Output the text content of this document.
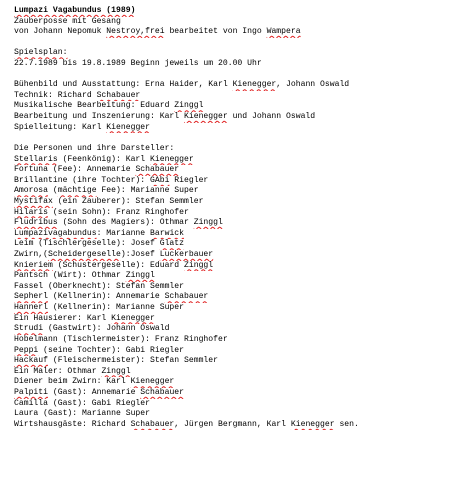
Lumpazi Vagabundus (1989)
Zauberposse mit Gesang
von Johann Nepomuk Nestroy,frei bearbeitet von Ingo Wampera
Spielsplan:
22.7.1989 bis 19.8.1989 Beginn jeweils um 20.00 Uhr
Bühenbild und Ausstattung: Erna Haider, Karl Kienegger, Johann Oswald
Technik: Richard Schabauer
Musikalische Bearbeitung: Eduard Zinggl
Bearbeitung und Inszenierung: Karl Kienegger und Johann Oswald
Spielleitung: Karl Kienegger
Die Personen und ihre Darsteller:
Stellaris (Feenkönig): Karl Kienegger
Fortuna (Fee): Annemarie Schabauer
Brillantine (ihre Tochter): GAbi Riegler
Amorosa (mächtige Fee): Marianne Super
Mystifax (ein Zauberer): Stefan Semmler
Hilaris (sein Sohn): Franz Ringhofer
Fludribus (Sohn des Magiers): Othmar Zinggl
Lumpazivagabundus: Marianne Barwick
Leim (Tischlergeselle): Josef Glatz
Zwirn,(Scheidergeselle):Josef Luckerbauer
Knieriem (Schustergeselle): Eduard Zinggl
Pantsch (Wirt): Othmar Zinggl
Fassel (Oberknecht): Stefan Semmler
Sepherl (Kellnerin): Annemarie Schabauer
Hannerl (Kellnerin): Marianne Super
Ein Hausierer: Karl Kienegger
Strudi (Gastwirt): Johann Oswald
Hobelmann (Tischlermeister): Franz Ringhofer
Peppi (seine Tochter): Gabi Riegler
Hackauf (Fleischermeister): Stefan Semmler
Ein Maler: Othmar Zinggl
Diener beim Zwirn: Karl Kienegger
Palpiti (Gast): Annemarie Schabauer
Camilla (Gast): Gabi Riegler
Laura (Gast): Marianne Super
Wirtshausgäste: Richard Schabauer, Jürgen Bergmann, Karl Kienegger sen.
